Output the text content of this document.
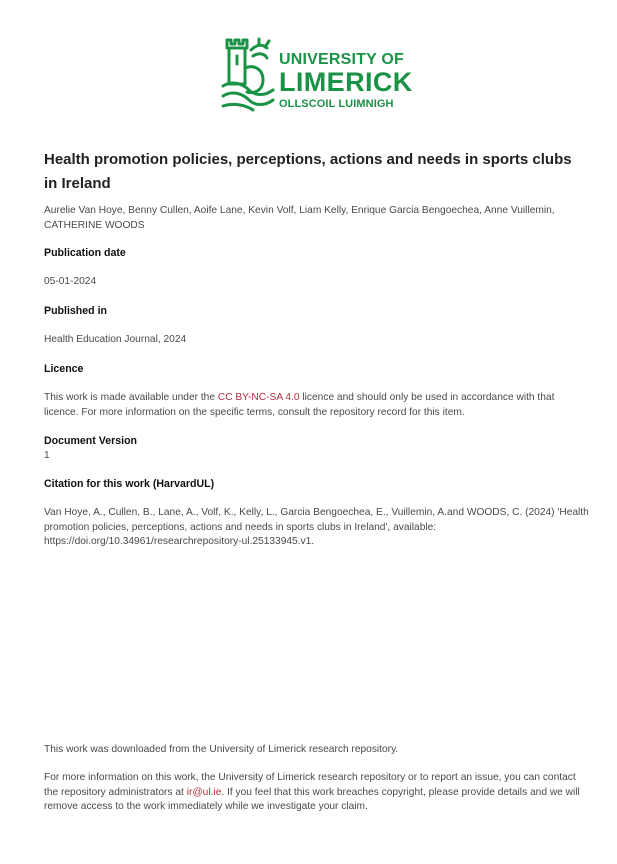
UNIVERSITY OF
LIMERICK
OLLSCOIL LUIMNIGH
Health promotion policies, perceptions, actions and needs in sports clubs in Ireland
Aurelie Van Hoye, Benny Cullen, Aoife Lane, Kevin Volf, Liam Kelly, Enrique Garcia Bengoechea, Anne Vuillemin, CATHERINE WOODS
Publication date
05-01-2024
Published in
Health Education Journal, 2024
Licence
This work is made available under the CC BY-NC-SA 4.0 licence and should only be used in accordance with that licence. For more information on the specific terms, consult the repository record for this item.
Document Version
1
Citation for this work (HarvardUL)
Van Hoye, A., Cullen, B., Lane, A., Volf, K., Kelly, L., Garcia Bengoechea, E., Vuillemin, A.and WOODS, C. (2024) 'Health promotion policies, perceptions, actions and needs in sports clubs in Ireland', available: https://doi.org/10.34961/researchrepository-ul.25133945.v1.
This work was downloaded from the University of Limerick research repository.
For more information on this work, the University of Limerick research repository or to report an issue, you can contact the repository administrators at ir@ul.ie. If you feel that this work breaches copyright, please provide details and we will remove access to the work immediately while we investigate your claim.
